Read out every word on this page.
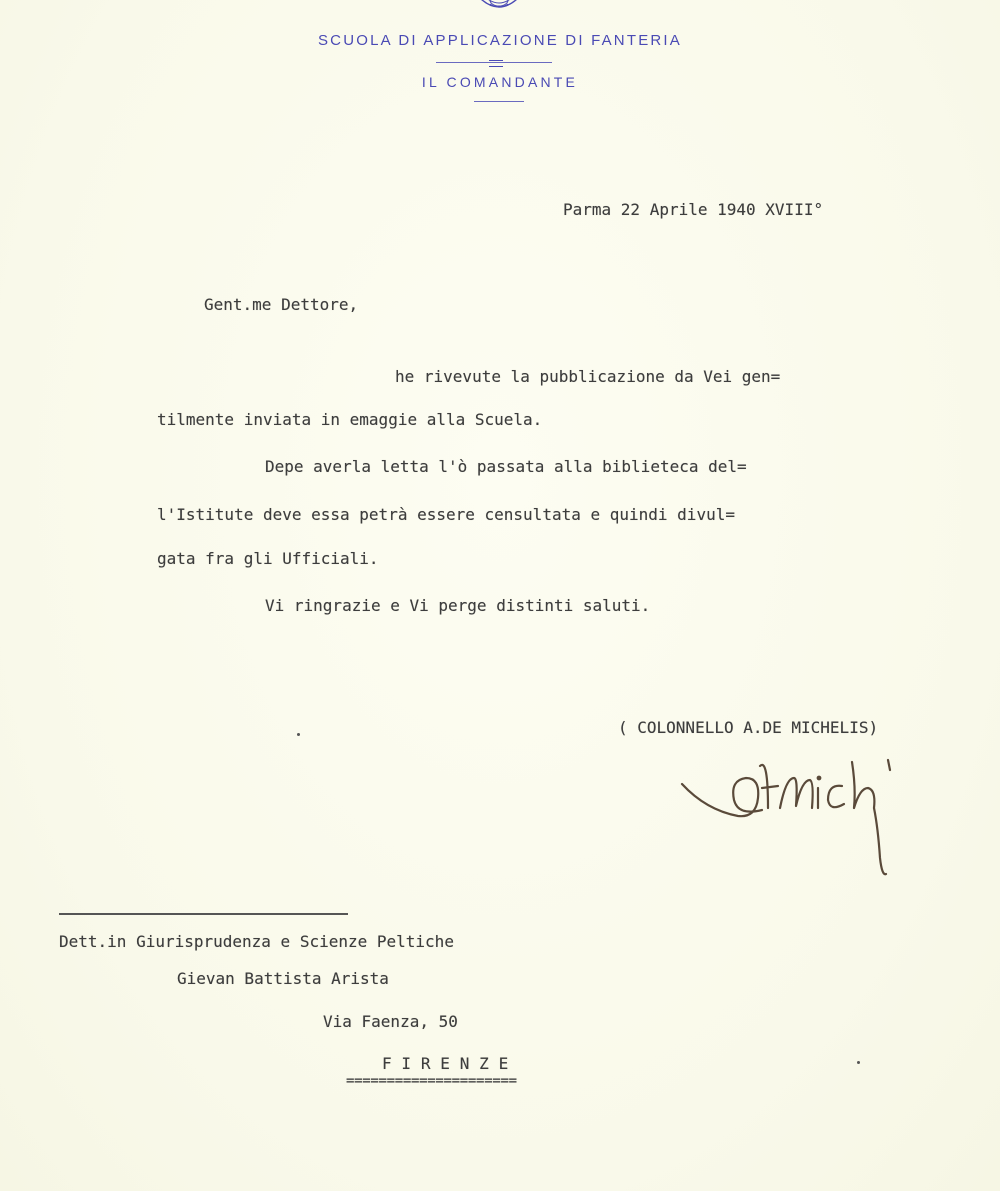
SCUOLA DI APPLICAZIONE DI FANTERIA
IL COMANDANTE
Parma 22 Aprile 1940 XVIII°
Gent.me Dettore,
he rivevute la pubblicazione da Vei gen=
tilmente inviata in emaggie alla Scuela.
Depe averla letta l'ò passata alla biblieteca del=
l'Istitute deve essa petrà essere censultata e quindi divul=
gata fra gli Ufficiali.
Vi ringrazie e Vi perge distinti saluti.
( COLONNELLO A.DE MICHELIS)
Dett.in Giurisprudenza e Scienze Peltiche
Gievan Battista Arista
Via Faenza, 50
FIRENZE
=====================
